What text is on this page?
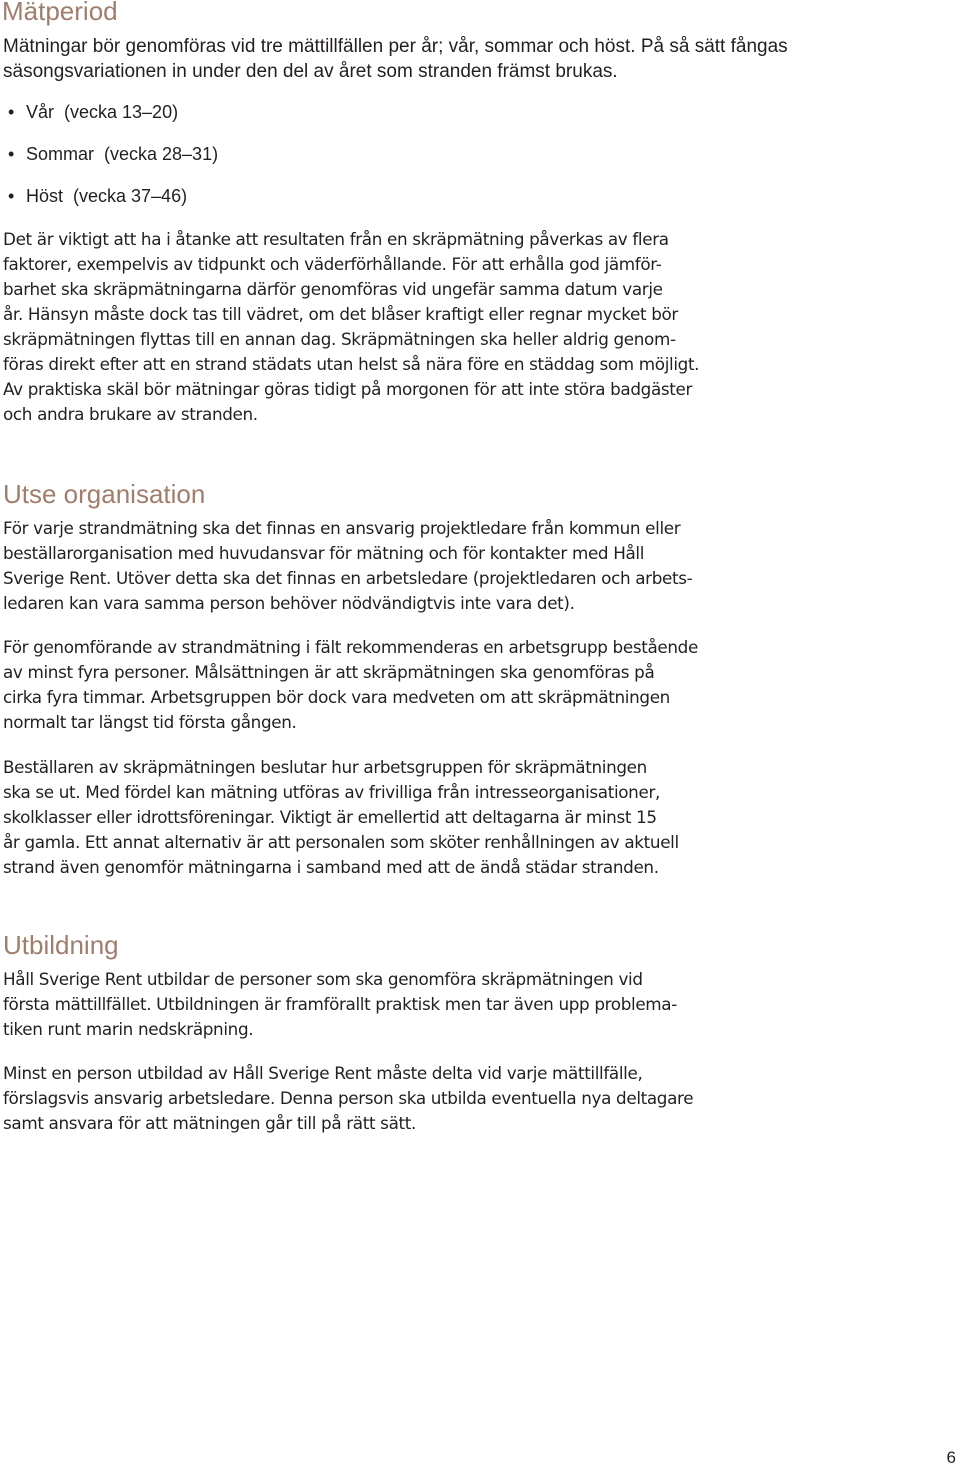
Mätperiod

Mätningar bör genomföras vid tre mättillfällen per år; vår, sommar och höst. På så sätt fångas säsongsvariationen in under den del av året som stranden främst brukas.

• Vår  (vecka 13–20)
• Sommar  (vecka 28–31)
• Höst  (vecka 37–46)

Det är viktigt att ha i åtanke att resultaten från en skräpmätning påverkas av flera
faktorer, exempelvis av tidpunkt och väderförhållande. För att erhålla god jämför-
barhet ska skräpmätningarna därför genomföras vid ungefär samma datum varje
år. Hänsyn måste dock tas till vädret, om det blåser kraftigt eller regnar mycket bör
skräpmätningen flyttas till en annan dag. Skräpmätningen ska heller aldrig genom-
föras direkt efter att en strand städats utan helst så nära före en städdag som möjligt.
Av praktiska skäl bör mätningar göras tidigt på morgonen för att inte störa badgäster
och andra brukare av stranden.

Utse organisation

För varje strandmätning ska det finnas en ansvarig projektledare från kommun eller
beställarorganisation med huvudansvar för mätning och för kontakter med Håll
Sverige Rent. Utöver detta ska det finnas en arbetsledare (projektledaren och arbets-
ledaren kan vara samma person behöver nödvändigtvis inte vara det).

För genomförande av strandmätning i fält rekommenderas en arbetsgrupp bestående
av minst fyra personer. Målsättningen är att skräpmätningen ska genomföras på
cirka fyra timmar. Arbetsgruppen bör dock vara medveten om att skräpmätningen
normalt tar längst tid första gången.

Beställaren av skräpmätningen beslutar hur arbetsgruppen för skräpmätningen
ska se ut. Med fördel kan mätning utföras av frivilliga från intresseorganisationer,
skolklasser eller idrottsföreningar. Viktigt är emellertid att deltagarna är minst 15
år gamla. Ett annat alternativ är att personalen som sköter renhållningen av aktuell
strand även genomför mätningarna i samband med att de ändå städar stranden.

Utbildning

Håll Sverige Rent utbildar de personer som ska genomföra skräpmätningen vid
första mättillfället. Utbildningen är framförallt praktisk men tar även upp problema-
tiken runt marin nedskräpning.

Minst en person utbildad av Håll Sverige Rent måste delta vid varje mättillfälle,
förslagsvis ansvarig arbetsledare. Denna person ska utbilda eventuella nya deltagare
samt ansvara för att mätningen går till på rätt sätt.

6
